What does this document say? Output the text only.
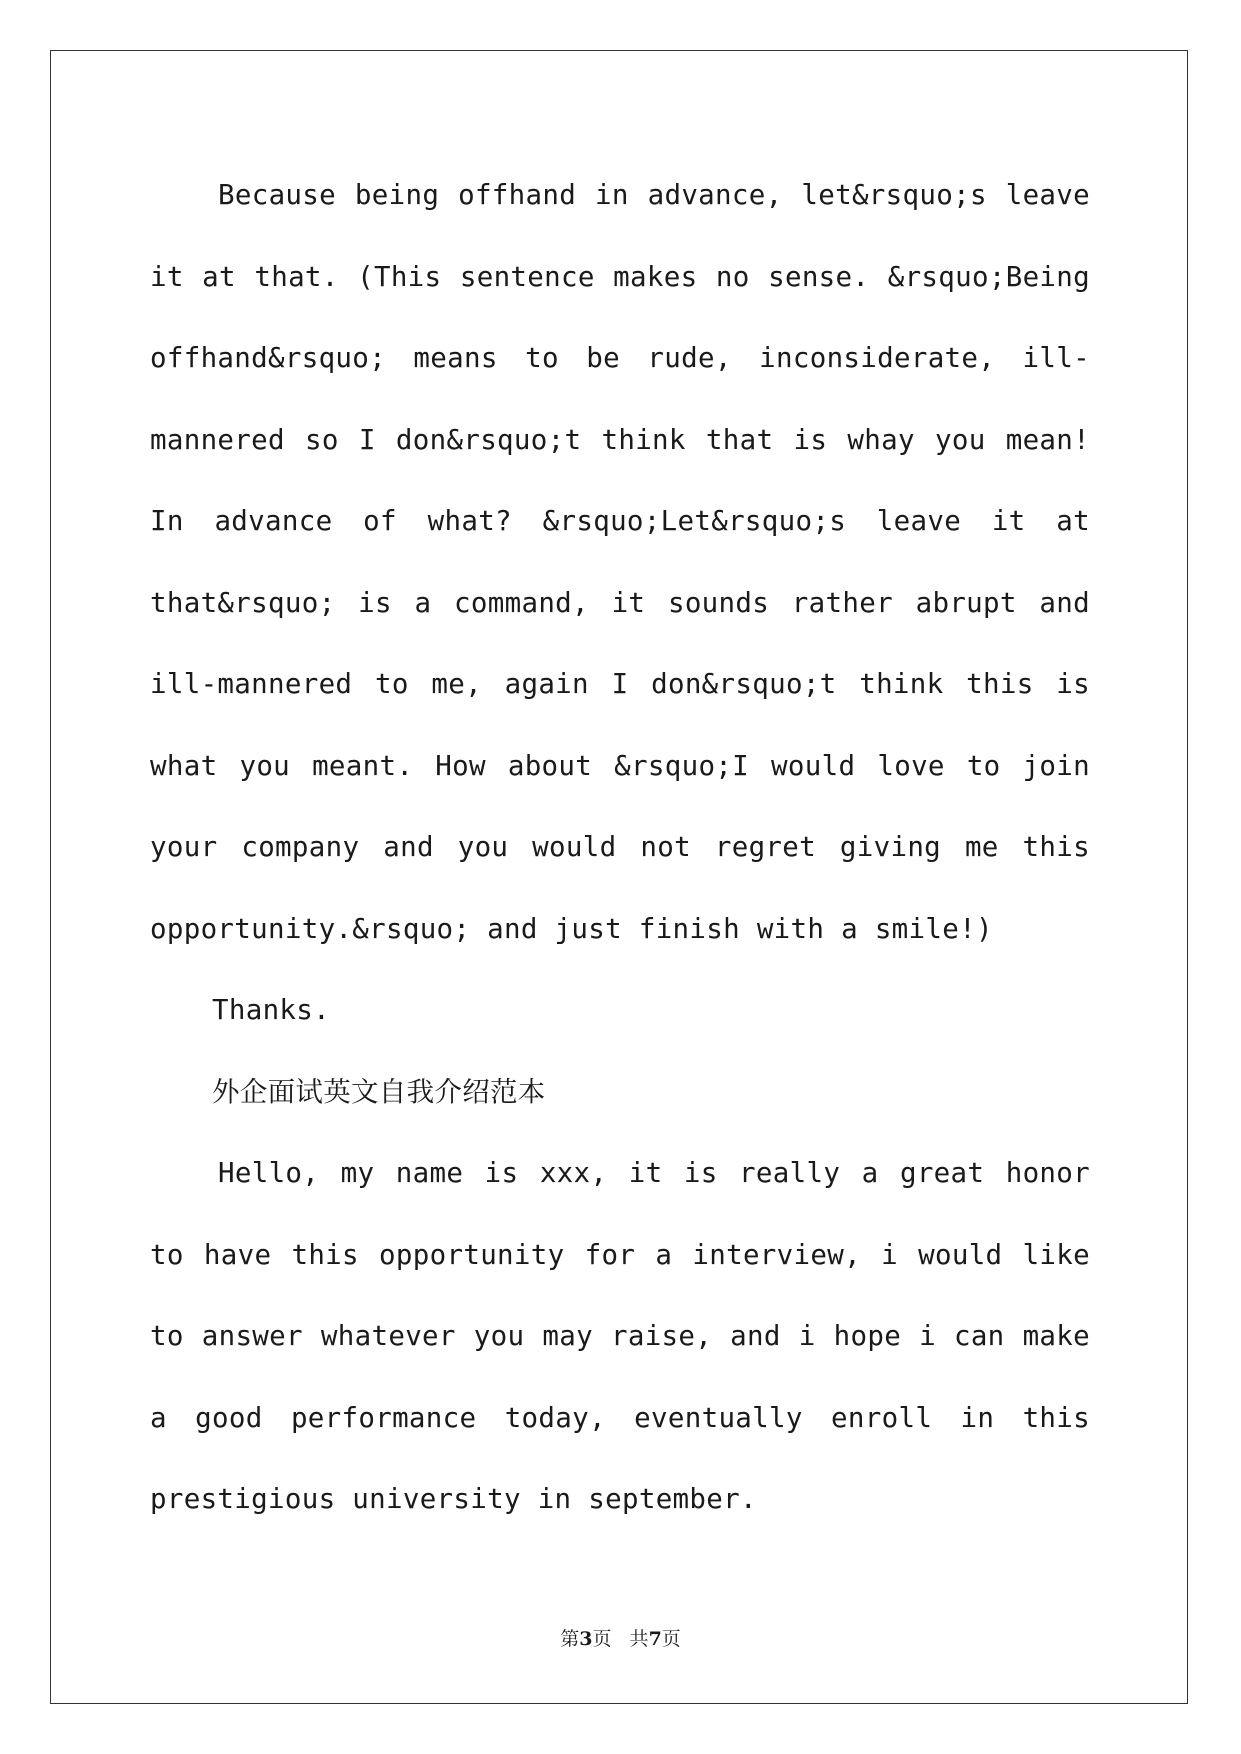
Because being offhand in advance, let&rsquo;s leave it at that. (This sentence makes no sense. &rsquo;Being offhand&rsquo; means to be rude, inconsiderate, ill-mannered so I don&rsquo;t think that is whay you mean! In advance of what? &rsquo;Let&rsquo;s leave it at that&rsquo; is a command, it sounds rather abrupt and ill-mannered to me, again I don&rsquo;t think this is what you meant. How about &rsquo;I would love to join your company and you would not regret giving me this opportunity.&rsquo; and just finish with a smile!)

Thanks.

外企面试英文自我介绍范本

Hello, my name is xxx, it is really a great honor to have this opportunity for a interview, i would like to answer whatever you may raise, and i hope i can make a good performance today, eventually enroll in this prestigious university in september.

第3页   共7页
